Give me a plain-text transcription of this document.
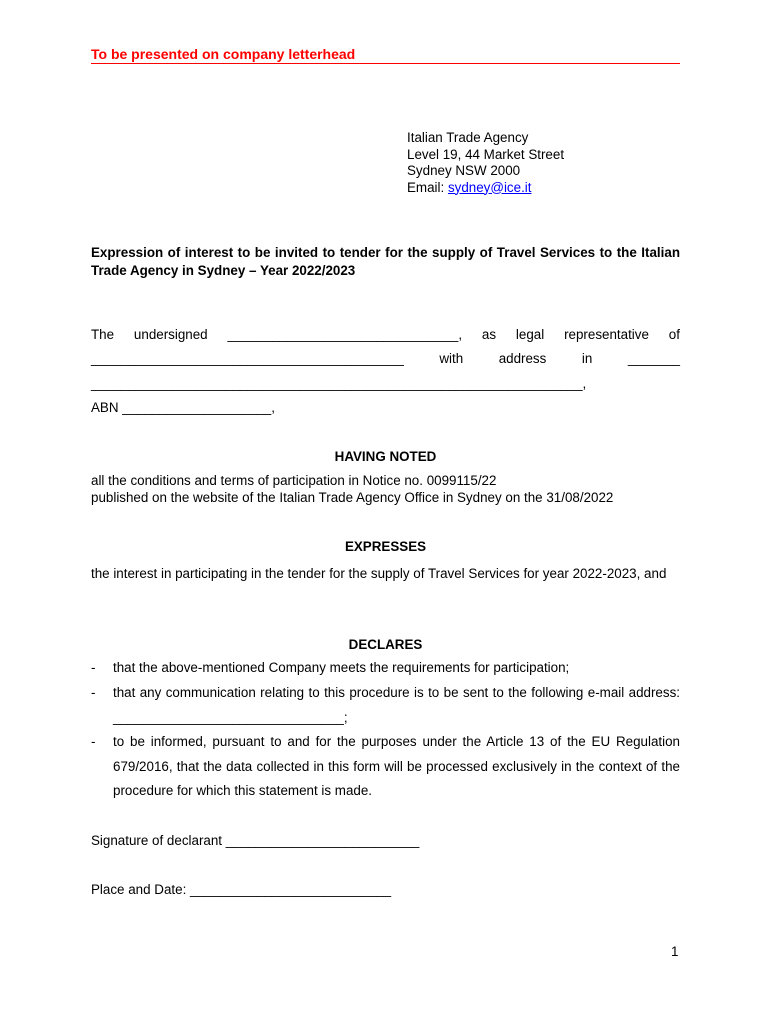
To be presented on company letterhead
Italian Trade Agency
Level 19, 44 Market Street
Sydney NSW 2000
Email: sydney@ice.it
Expression of interest to be invited to tender for the supply of Travel Services to the Italian Trade Agency in Sydney – Year 2022/2023
The undersigned _______________________________, as legal representative of
__________________________________________	with	address	in	_______
__________________________________________________________________,
ABN ____________________,
HAVING NOTED
all the conditions and terms of participation in Notice no. 0099115/22
published on the website of the Italian Trade Agency Office in Sydney on the 31/08/2022
EXPRESSES
the interest in participating in the tender for the supply of Travel Services for year 2022-2023, and
DECLARES
- that the above-mentioned Company meets the requirements for participation;
- that any communication relating to this procedure is to be sent to the following e-mail address: _______________________________;
- to be informed, pursuant to and for the purposes under the Article 13 of the EU Regulation 679/2016, that the data collected in this form will be processed exclusively in the context of the procedure for which this statement is made.
Signature of declarant __________________________
Place and Date: ___________________________
1
